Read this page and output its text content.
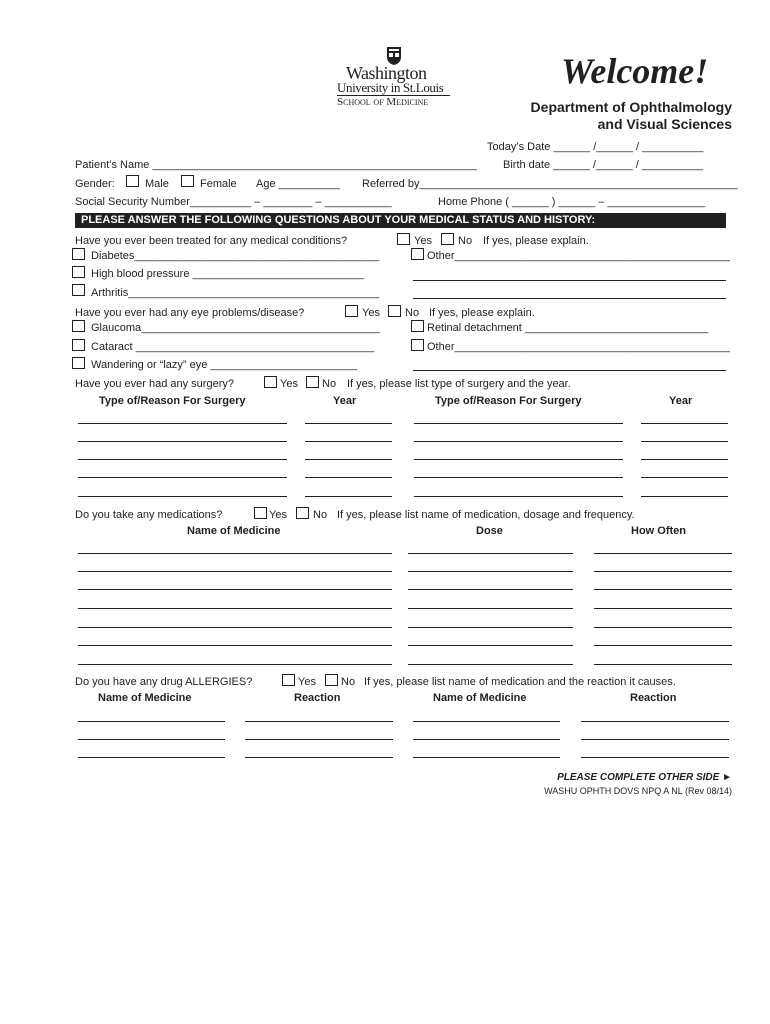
Washington
University in St.Louis
School of Medicine
Welcome!
Department of Ophthalmology
and Visual Sciences
Today’s Date ______ /______ / __________
Patient’s Name _____________________________________________________ Birth date ______ /______ / __________
Gender:	Male	Female Age __________ Referred by____________________________________________________
Social Security Number__________ – ________ – ___________	Home Phone ( ______ ) ______ – ________________
PLEASE ANSWER THE FOLLOWING QUESTIONS ABOUT YOUR MEDICAL STATUS AND HISTORY:
Have you ever been treated for any medical conditions?	Yes No If yes, please explain.
Diabetes________________________________________	Other_____________________________________________
High blood pressure ____________________________
Arthritis_________________________________________
Have you ever had any eye problems/disease?	Yes No If yes, please explain.
Glaucoma_______________________________________	Retinal detachment ______________________________
Cataract _______________________________________	Other_____________________________________________
Wandering or “lazy” eye ________________________
Have you ever had any surgery?	Yes No If yes, please list type of surgery and the year.
Type of/Reason For Surgery	Year	Type of/Reason For Surgery	Year
Do you take any medications?	Yes No If yes, please list name of medication, dosage and frequency.
Name of Medicine	Dose	How Often
Do you have any drug ALLERGIES?	Yes No If yes, please list name of medication and the reaction it causes.
Name of Medicine	Reaction	Name of Medicine	Reaction
PLEASE COMPLETE OTHER SIDE ►
WASHU OPHTH DOVS NPQ A NL (Rev 08/14)
